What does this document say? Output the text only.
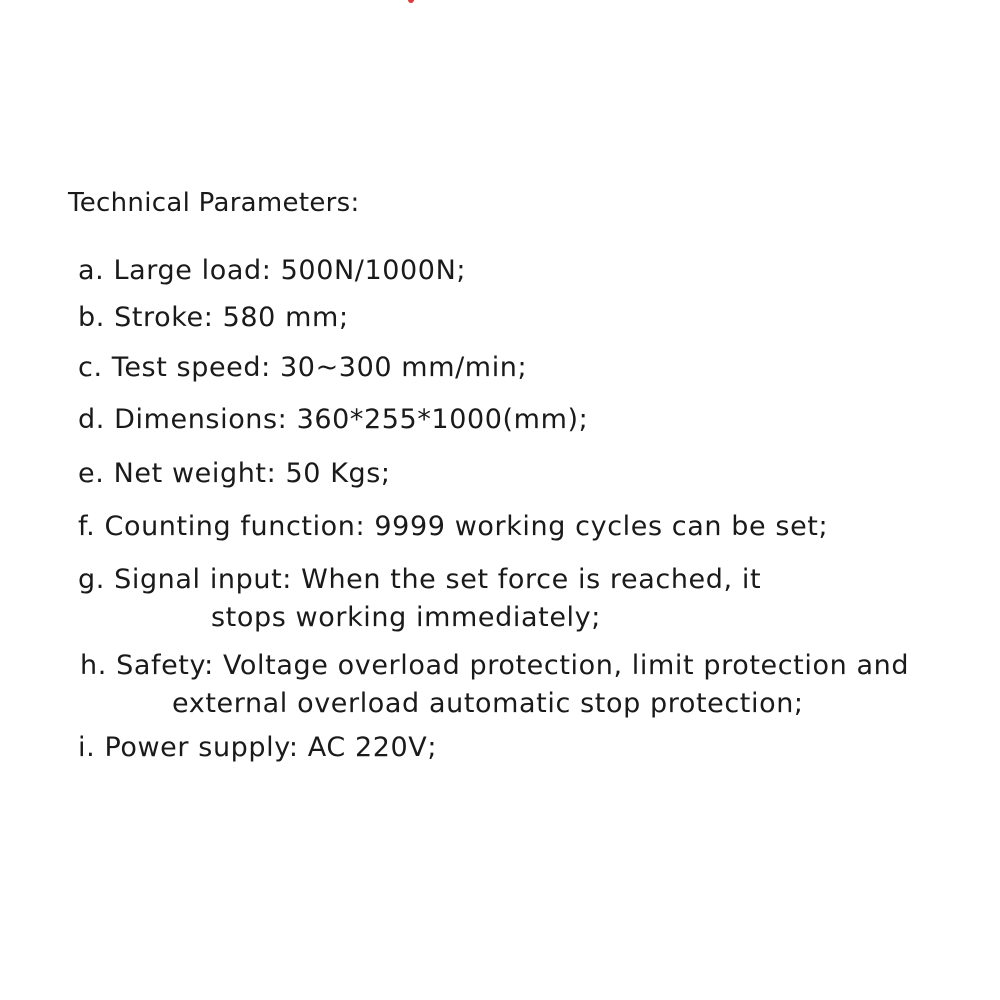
Technical Parameters:
a. Large load: 500N/1000N;
b. Stroke: 580 mm;
c. Test speed: 30~300 mm/min;
d. Dimensions: 360*255*1000(mm);
e. Net weight: 50 Kgs;
f. Counting function: 9999 working cycles can be set;
g. Signal input: When the set force is reached, it
stops working immediately;
h. Safety: Voltage overload protection, limit protection and
external overload automatic stop protection;
i. Power supply: AC 220V;
